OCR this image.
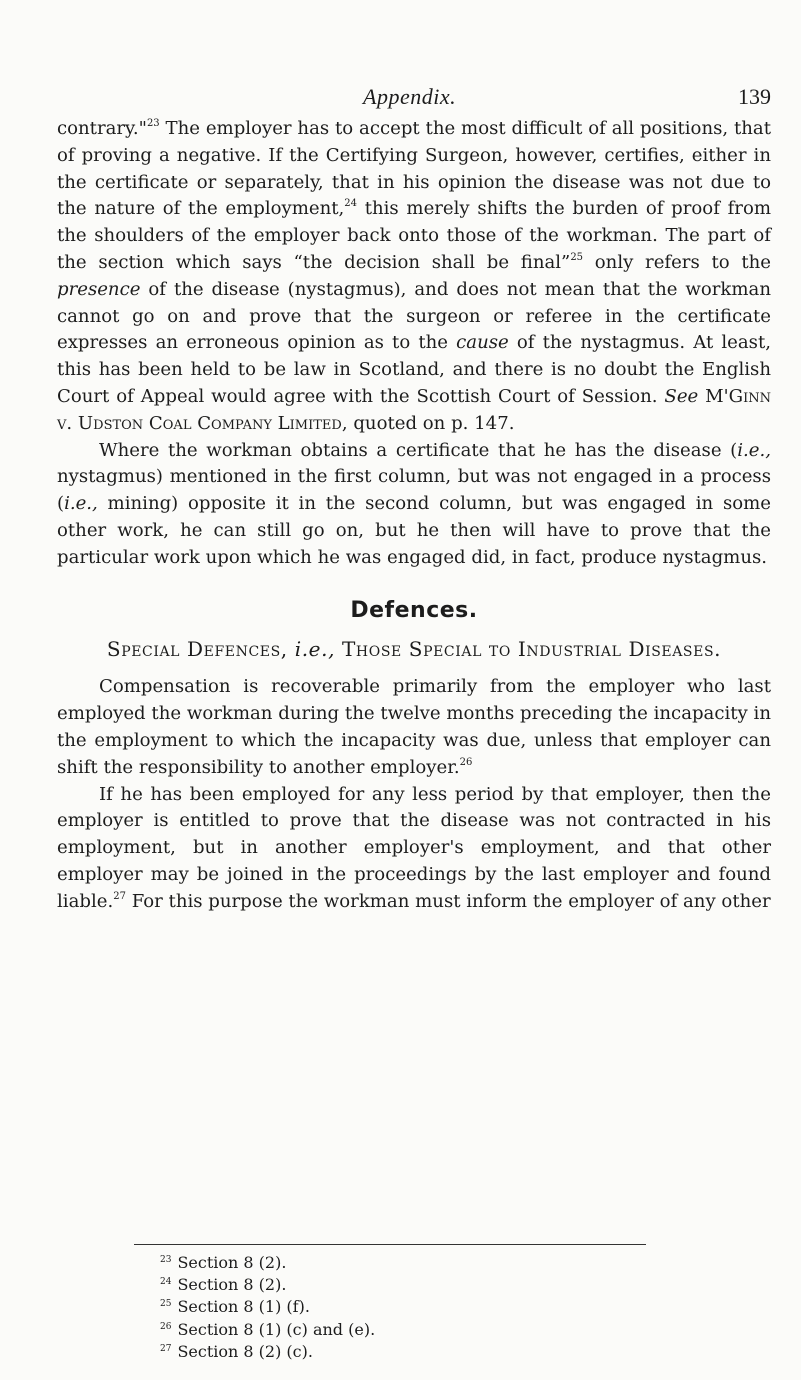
Appendix.	139

contrary."$^{23}$ The employer has to accept the most difficult of all positions, that of proving a negative. If the Certifying Surgeon, however, certifies, either in the certificate or separately, that in his opinion the disease was not due to the nature of the employment,$^{24}$ this merely shifts the burden of proof from the shoulders of the employer back onto those of the workman. The part of the section which says “the decision shall be final”$^{25}$ only refers to the presence of the disease (nystagmus), and does not mean that the workman cannot go on and prove that the surgeon or referee in the certificate expresses an erroneous opinion as to the cause of the nystagmus. At least, this has been held to be law in Scotland, and there is no doubt the English Court of Appeal would agree with the Scottish Court of Session. See M'Ginn v. Udston Coal Company Limited, quoted on p. 147.

Where the workman obtains a certificate that he has the disease (i.e., nystagmus) mentioned in the first column, but was not engaged in a process (i.e., mining) opposite it in the second column, but was engaged in some other work, he can still go on, but he then will have to prove that the particular work upon which he was engaged did, in fact, produce nystagmus.

Defences.
Special Defences, i.e., Those Special to Industrial Diseases.

Compensation is recoverable primarily from the employer who last employed the workman during the twelve months preceding the incapacity in the employment to which the incapacity was due, unless that employer can shift the responsibility to another employer.$^{26}$

If he has been employed for any less period by that employer, then the employer is entitled to prove that the disease was not contracted in his employment, but in another employer's employment, and that other employer may be joined in the proceedings by the last employer and found liable.$^{27}$ For this purpose the workman must inform the employer of any other

$^{23}$ Section 8 (2).
$^{24}$ Section 8 (2).
$^{25}$ Section 8 (1) (f).
$^{26}$ Section 8 (1) (c) and (e).
$^{27}$ Section 8 (2) (c).
